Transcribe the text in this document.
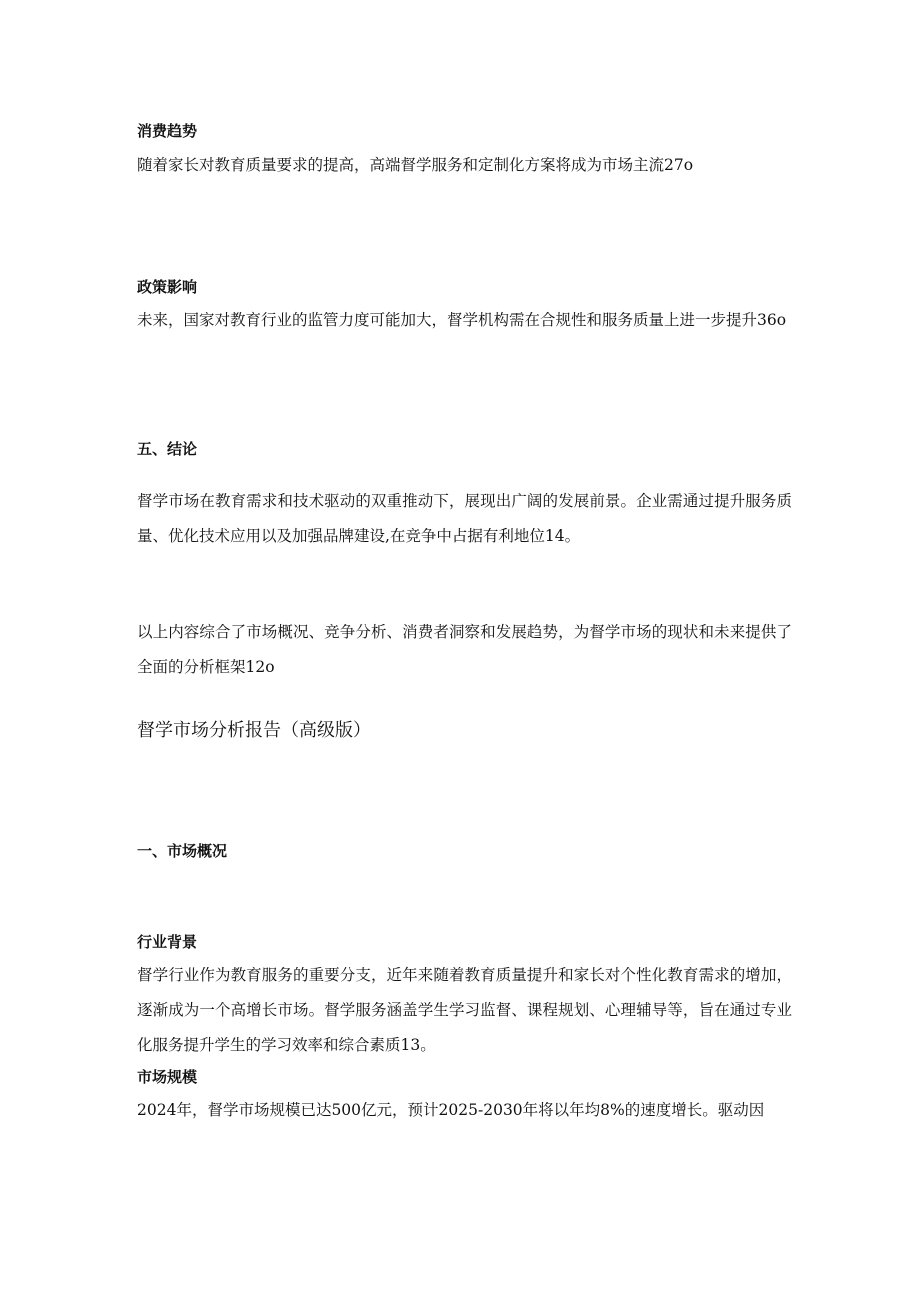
消费趋势

随着家长对教育质量要求的提高，高端督学服务和定制化方案将成为市场主流27o

政策影响

未来，国家对教育行业的监管力度可能加大，督学机构需在合规性和服务质量上进一步提升36o

五、结论

督学市场在教育需求和技术驱动的双重推动下，展现出广阔的发展前景。企业需通过提升服务质量、优化技术应用以及加强品牌建设,在竞争中占据有利地位14。

以上内容综合了市场概况、竞争分析、消费者洞察和发展趋势，为督学市场的现状和未来提供了全面的分析框架12o

督学市场分析报告（高级版）
一、市场概况
行业背景

督学行业作为教育服务的重要分支，近年来随着教育质量提升和家长对个性化教育需求的增加，逐渐成为一个高增长市场。督学服务涵盖学生学习监督、课程规划、心理辅导等，旨在通过专业化服务提升学生的学习效率和综合素质13。

市场规模

2024年，督学市场规模已达500亿元，预计2025-2030年将以年均8%的速度增长。驱动因
